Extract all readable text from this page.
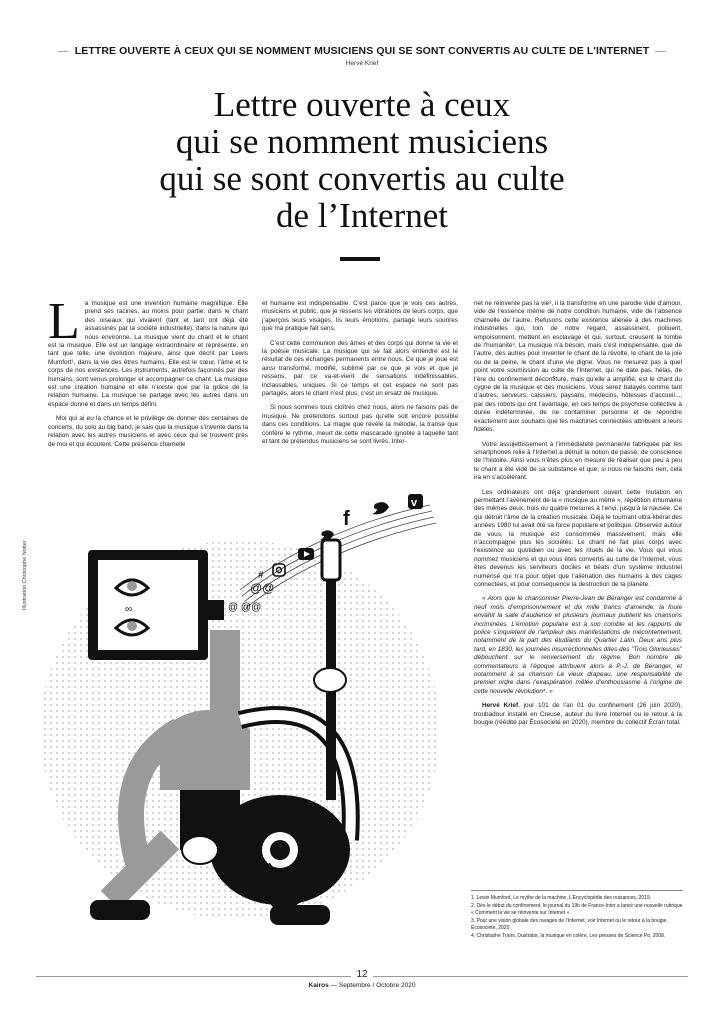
— LETTRE OUVERTE À CEUX QUI SE NOMMENT MUSICIENS QUI SE SONT CONVERTIS AU CULTE DE L'INTERNET —
Hervé Krief
Lettre ouverte à ceux
qui se nomment musiciens
qui se sont convertis au culte
de l’Internet

La musique est une invention humaine magnifique. Elle prend ses racines, au moins pour partie, dans le chant des oiseaux qui vivaient (tant et tant ont déjà été assassinés par la société industrielle), dans la nature qui nous environne. La musique vient du chant et le chant est la musique. Elle est un langage extraordinaire et représente, en tant que telle, une évolution majeure, ainsi que décrit par Lewis Mumfort¹, dans la vie des êtres humains. Elle est le cœur, l’âme et le corps de nos existences. Les instruments, autrefois façonnés par des humains, sont venus prolonger et accompagner ce chant. La musique est une création humaine et elle n’existe que par la grâce de la relation humaine. La musique se partage avec les autres dans un espace donné et dans un temps défini.

Moi qui ai eu la chance et le privilège de donner des centaines de concerts, du solo au big band, je sais que la musique s’invente dans la relation avec les autres musiciens et avec ceux qui se trouvent près de moi et qui écoutent. Cette présence charnelle

et humaine est indispensable. C’est parce que je vois ces autres, musiciens et public, que je ressens les vibrations de leurs corps, que j’aperçois leurs visages, lis leurs émotions, partage leurs sourires que ma pratique fait sens.

C’est cette communion des âmes et des corps qui donne la vie et la poésie musicale. La musique qui se fait alors entendre est le résultat de ces échanges permanents entre nous. Ce que je joue est ainsi transformé, modifié, sublimé par ce que je vois et que je ressens, par ce va-et-vient de sensations indéfinissables, inclassables, uniques. Si ce temps et cet espace ne sont pas partagés, alors le chant n’est plus, c’est un ersatz de musique.

Si nous sommes tous cloîtrés chez nous, alors ne faisons pas de musique. Ne prétendons surtout pas qu’elle soit encore possible dans ces conditions. La magie que révèle la mélodie, la transe que confère le rythme, meurt de cette mascarade ignoble à laquelle tant et tant de prétendus musiciens se sont livrés. Inter-

net ne réinvente pas la vie², il la transforme en une parodie vide d’amour, vide de l’essence même de notre condition humaine, vide de l’absence charnelle de l’autre. Refusons cette existence aliénée à des machines industrielles qui, loin de notre regard, assassinent, polluent, empoisonnent, mettent en esclavage et qui, surtout, creusent la tombe de l’humanité³. La musique n’a besoin, mais c’est indispensable, que de l’autre, des autres pour inventer le chant de la révolte, le chant de la joie ou de la peine, le chant d’une vie digne. Vous ne mesurez pas à quel point votre soumission au culte de l’Internet, qui ne date pas, hélas, de l’ère du confinement déconfituré, mais qu’elle a amplifié, est le chant du cygne de la musique et des musiciens. Vous serez balayés comme tant d’autres, serveurs, caissiers, paysans, médecins, hôtesses d’accueil..., par des robots qui ont l’avantage, en ces temps de psychose collective à durée indéterminée, de ne contaminer personne et de répondre exactement aux souhaits que les machines connectées attribuent à leurs fidèles.

Votre assujettissement à l’immédiateté permanente fabriquée par les smartphones relie à l’Internet a détruit la notion de passé, de conscience de l’histoire. Ainsi vous n’êtes plus en mesure de réaliser que peu à peu le chant a été vidé de sa substance et que, si nous ne faisons rien, cela ira en s’accélérant.

Les ordinateurs ont déjà grandement ouvert cette mutation en permettant l’avènement de la « musique au mètre », répétition inhumaine des mêmes deux, trois ou quatre mesures à l’envi, jusqu’à la nausée. Ce qui détruit l’âme de la création musicale. Déjà le tournant ultra-libéral des années 1980 lui avait ôté sa force populaire et politique. Observez autour de vous, la musique est consommée massivement, mais elle n’accompagne plus les sociétés. Le chant ne fait plus corps avec l’existence au quotidien ou avec les rituels de la vie. Vous qui vous nommez musiciens et qui vous êtes convertis au culte de l’Internet, vous êtes devenus les serviteurs dociles et béats d’un système industriel numérisé qui n’a pour objet que l’aliénation des humains à des cages connectées, et pour conséquence la destruction de la planète.

« Alors que le chansonnier Pierre-Jean de Béranger est condamné à neuf mois d’emprisonnement et dix mille francs d’amende, la foule envahit la salle d’audience et plusieurs journaux publient les chansons incriminées. L’émotion populaire est à son comble et les rapports de police s’inquiètent de l’ampleur des manifestations de mécontentement, notamment de la part des étudiants du Quartier Latin. Deux ans plus tard, en 1830, les journées insurrectionnelles dites des "Trois Glorieuses" débouchent sur le renversement du régime. Bon nombre de commentateurs à l’époque attribuent alors à P.-J. de Béranger, et notamment à sa chanson Le vieux drapeau, une responsabilité de premier ordre dans l’exaspération mêlée d’enthousiasme à l’origine de cette nouvelle révolution⁴. »

Hervé Krief, jour 101 de l’an 01 du confinement (26 juin 2020), troubadour installé en Creuse, auteur du livre Internet ou le retour à la bougie (réédité par Écosociété en 2020), membre du collectif Écran total.

1. Lewis Mumford, Le mythe de la machine, L’Encyclopédie des nuisances, 2019.
2. Dès le début du confinement, le journal du 19h de France-Inter a lancé une nouvelle rubrique « Comment la vie se réinvente sur Internet ».
3. Pour une vision globale des ravages de l’Internet, voir Internet ou le retour à la bougie, Écosociété, 2020.
4. Christophe Traïni, Dustrator, la musique en colère, Les presses de Science Po, 2008.
Illustration Christophe Notter
f
v
@@
#
@ @@
∞
12
Kairos — Septembre / Octobre 2020
